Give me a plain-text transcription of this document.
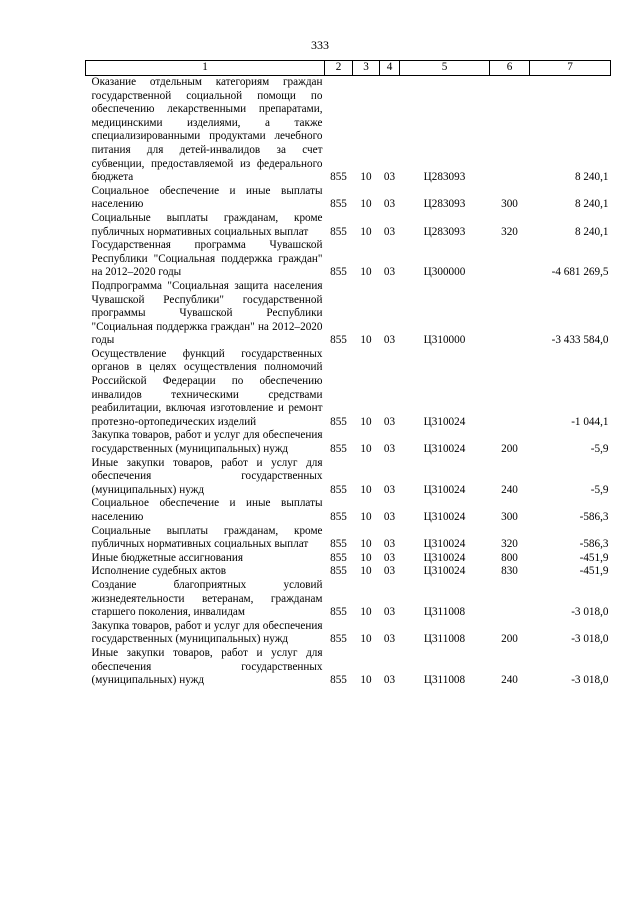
333
1	2	3	4	5	6	7
Оказание отдельным категориям граждан государственной социальной помощи по обеспечению лекарственными препаратами, медицинскими изделиями, а также специализированными продуктами лечебного питания для детей-инвалидов за счет субвенции, предоставляемой из федерального бюджета	855	10	03	Ц283093		8 240,1
Социальное обеспечение и иные выплаты населению	855	10	03	Ц283093	300	8 240,1
Социальные выплаты гражданам, кроме публичных нормативных социальных выплат	855	10	03	Ц283093	320	8 240,1
Государственная программа Чувашской Республики "Социальная поддержка граждан" на 2012–2020 годы	855	10	03	Ц300000		-4 681 269,5
Подпрограмма "Социальная защита населения Чувашской Республики" государственной программы Чувашской Республики "Социальная поддержка граждан" на 2012–2020 годы	855	10	03	Ц310000		-3 433 584,0
Осуществление функций государственных органов в целях осуществления полномочий Российской Федерации по обеспечению инвалидов техническими средствами реабилитации, включая изготовление и ремонт протезно-ортопедических изделий	855	10	03	Ц310024		-1 044,1
Закупка товаров, работ и услуг для обеспечения государственных (муниципальных) нужд	855	10	03	Ц310024	200	-5,9
Иные закупки товаров, работ и услуг для обеспечения государственных (муниципальных) нужд	855	10	03	Ц310024	240	-5,9
Социальное обеспечение и иные выплаты населению	855	10	03	Ц310024	300	-586,3
Социальные выплаты гражданам, кроме публичных нормативных социальных выплат	855	10	03	Ц310024	320	-586,3
Иные бюджетные ассигнования	855	10	03	Ц310024	800	-451,9
Исполнение судебных актов	855	10	03	Ц310024	830	-451,9
Создание благоприятных условий жизнедеятельности ветеранам, гражданам старшего поколения, инвалидам	855	10	03	Ц311008		-3 018,0
Закупка товаров, работ и услуг для обеспечения государственных (муниципальных) нужд	855	10	03	Ц311008	200	-3 018,0
Иные закупки товаров, работ и услуг для обеспечения государственных (муниципальных) нужд	855	10	03	Ц311008	240	-3 018,0
